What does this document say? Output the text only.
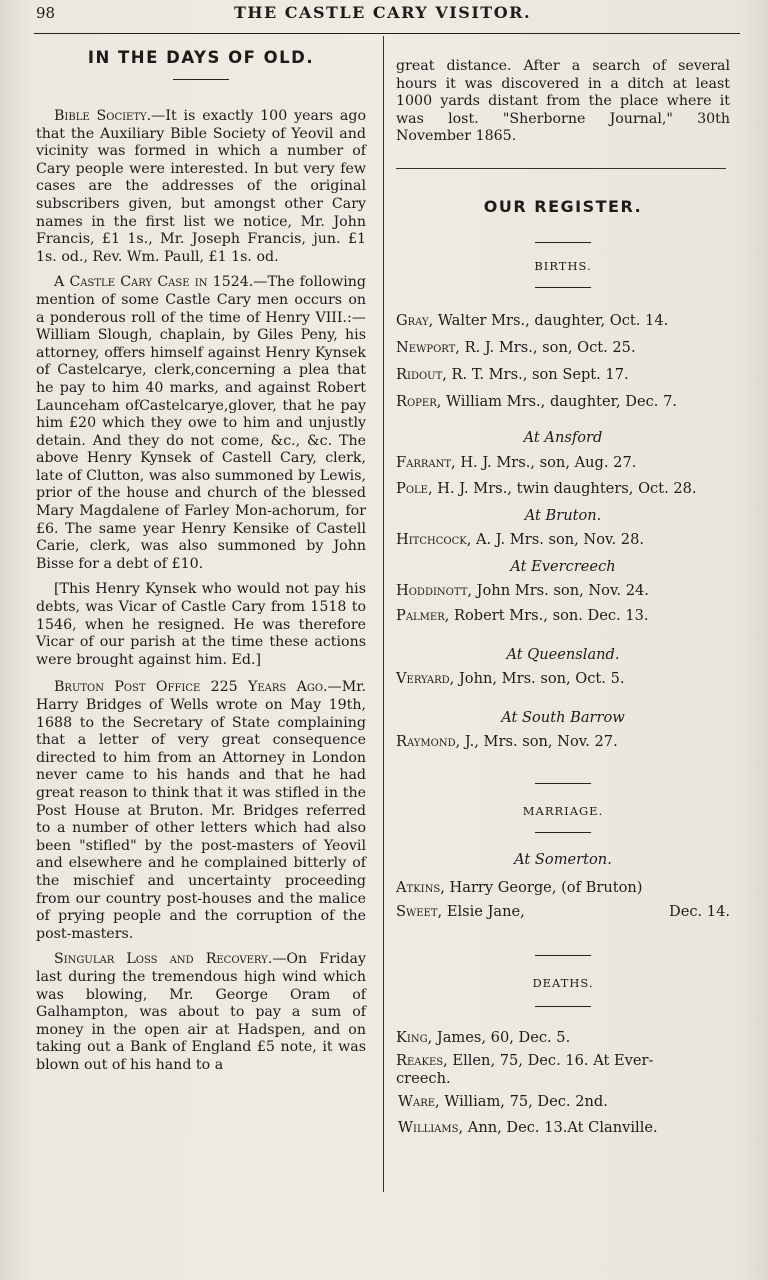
98	THE CASTLE CARY VISITOR.
IN THE DAYS OF OLD.

Bible Society.—It is exactly 100 years ago that the Auxiliary Bible Society of Yeovil and vicinity was formed in which a number of Cary people were interested. In but very few cases are the addresses of the original subscribers given, but amongst other Cary names in the first list we notice, Mr. John Francis, £1 1s., Mr. Joseph Francis, jun. £1 1s. od., Rev. Wm. Paull, £1 1s. od.

A Castle Cary Case in 1524.—The following mention of some Castle Cary men occurs on a ponderous roll of the time of Henry VIII.:—William Slough, chaplain, by Giles Peny, his attorney, offers himself against Henry Kynsek of Castelcarye, clerk,concerning a plea that he pay to him 40 marks, and against Robert Launceham ofCastelcarye,glover, that he pay him £20 which they owe to him and unjustly detain. And they do not come, &c., &c. The above Henry Kynsek of Castell Cary, clerk, late of Clutton, was also summoned by Lewis, prior of the house and church of the blessed Mary Magdalene of Farley Mon-achorum, for £6. The same year Henry Kensike of Castell Carie, clerk, was also summoned by John Bisse for a debt of £10.

[This Henry Kynsek who would not pay his debts, was Vicar of Castle Cary from 1518 to 1546, when he resigned. He was therefore Vicar of our parish at the time these actions were brought against him. Ed.]

Bruton Post Office 225 Years Ago.—Mr. Harry Bridges of Wells wrote on May 19th, 1688 to the Secretary of State complaining that a letter of very great consequence directed to him from an Attorney in London never came to his hands and that he had great reason to think that it was stifled in the Post House at Bruton. Mr. Bridges referred to a number of other letters which had also been "stifled" by the post-masters of Yeovil and elsewhere and he complained bitterly of the mischief and uncertainty proceeding from our country post-houses and the malice of prying people and the corruption of the post-masters.

Singular Loss and Recovery.—On Friday last during the tremendous high wind which was blowing, Mr. George Oram of Galhampton, was about to pay a sum of money in the open air at Hadspen, and on taking out a Bank of England £5 note, it was blown out of his hand to a

great distance. After a search of several hours it was discovered in a ditch at least 1000 yards distant from the place where it was lost. "Sherborne Journal," 30th November 1865.

OUR REGISTER.

BIRTHS.

Gray, Walter Mrs., daughter, Oct. 14.

Newport, R. J. Mrs., son, Oct. 25.

Ridout, R. T. Mrs., son Sept. 17.

Roper, William Mrs., daughter, Dec. 7.

At Ansford

Farrant, H. J. Mrs., son, Aug. 27.

Pole, H. J. Mrs., twin daughters, Oct. 28.

At Bruton.

Hitchcock, A. J. Mrs. son, Nov. 28.

At Evercreech

Hoddinott, John Mrs. son, Nov. 24.

Palmer, Robert Mrs., son. Dec. 13.

At Queensland.

Veryard, John, Mrs. son, Oct. 5.

At South Barrow

Raymond, J., Mrs. son, Nov. 27.

MARRIAGE.

At Somerton.

Atkins, Harry George, (of Bruton)

Sweet, Elsie Jane,	Dec. 14.

DEATHS.

King, James, 60, Dec. 5.

Reakes, Ellen, 75, Dec. 16. At Ever-creech.

Ware, William, 75, Dec. 2nd.

Williams, Ann, Dec. 13.At Clanville.
